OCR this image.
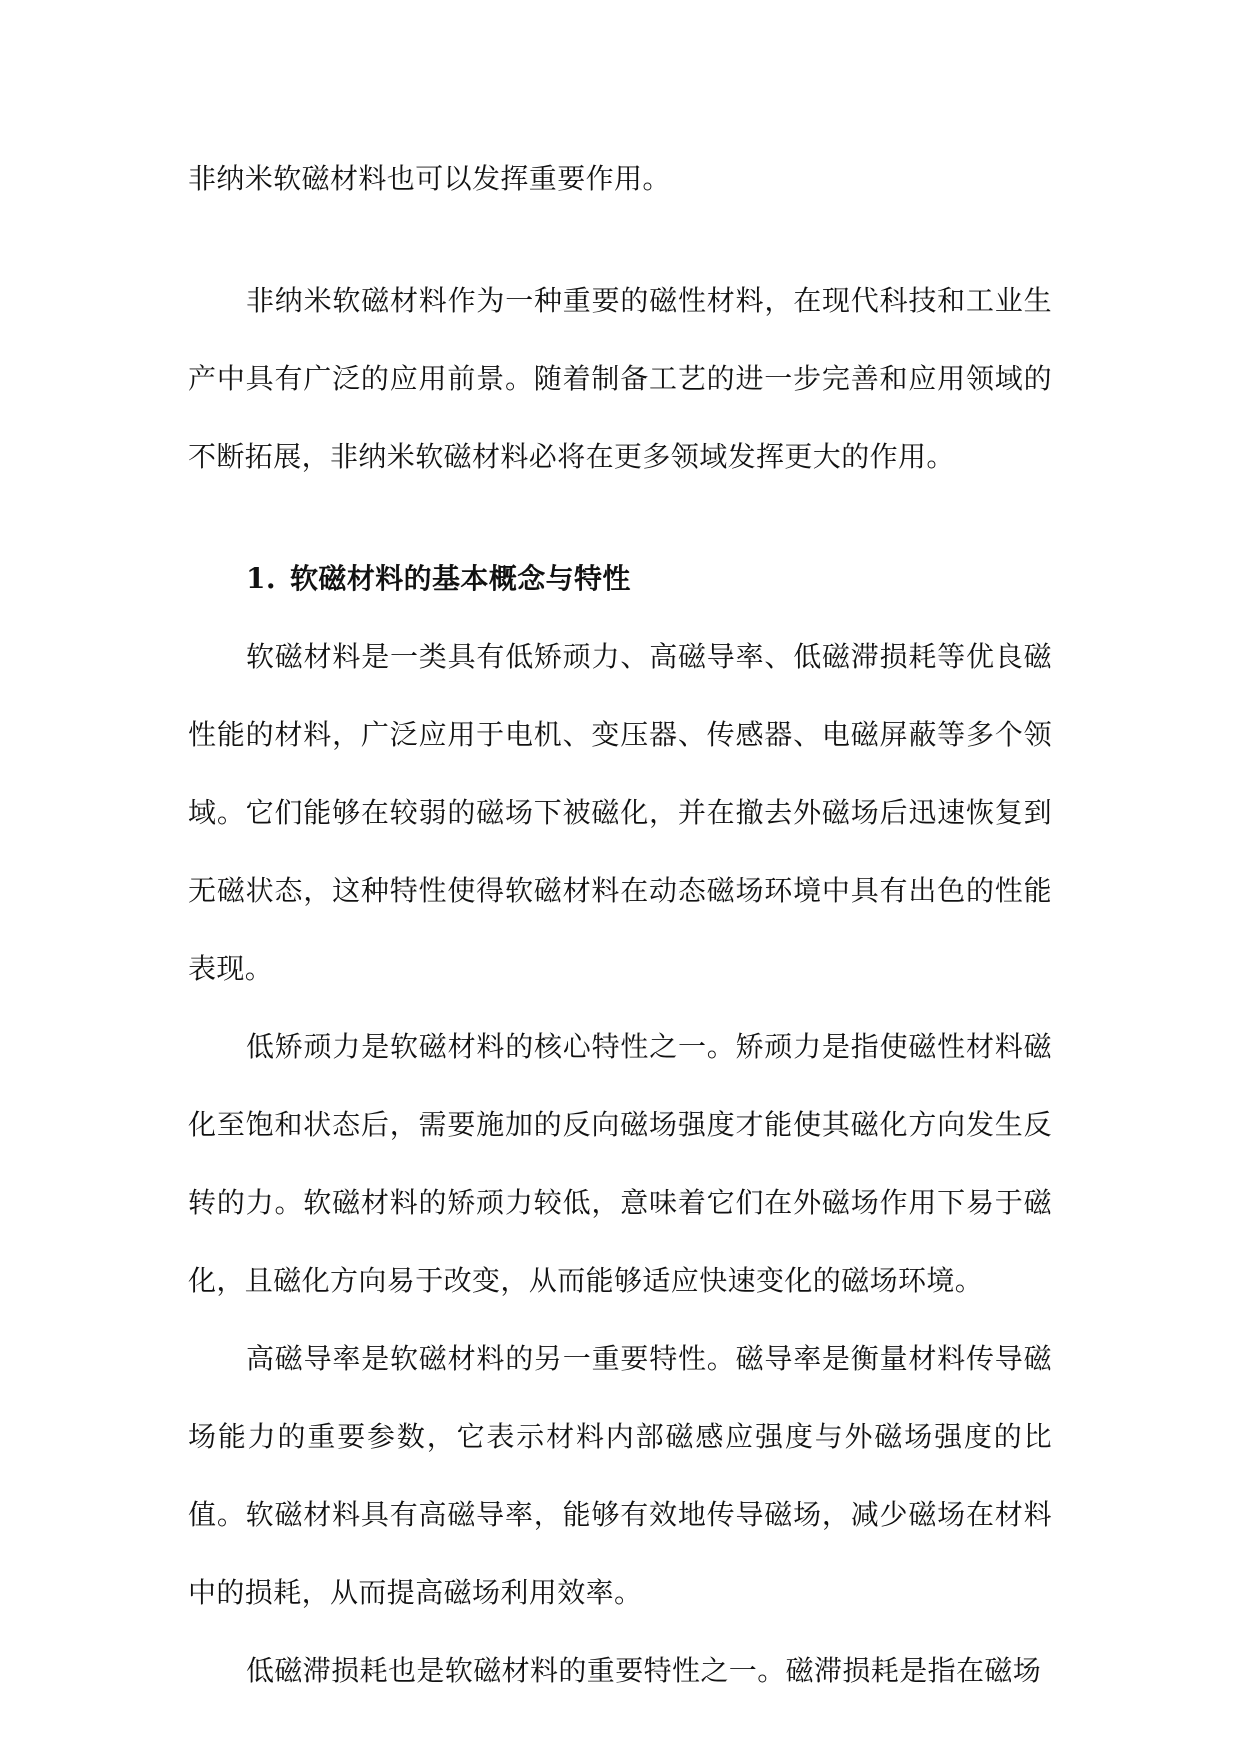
非纳米软磁材料也可以发挥重要作用。

非纳米软磁材料作为一种重要的磁性材料，在现代科技和工业生产中具有广泛的应用前景。随着制备工艺的进一步完善和应用领域的不断拓展，非纳米软磁材料必将在更多领域发挥更大的作用。

1. 软磁材料的基本概念与特性

软磁材料是一类具有低矫顽力、高磁导率、低磁滞损耗等优良磁性能的材料，广泛应用于电机、变压器、传感器、电磁屏蔽等多个领域。它们能够在较弱的磁场下被磁化，并在撤去外磁场后迅速恢复到无磁状态，这种特性使得软磁材料在动态磁场环境中具有出色的性能表现。

低矫顽力是软磁材料的核心特性之一。矫顽力是指使磁性材料磁化至饱和状态后，需要施加的反向磁场强度才能使其磁化方向发生反转的力。软磁材料的矫顽力较低，意味着它们在外磁场作用下易于磁化，且磁化方向易于改变，从而能够适应快速变化的磁场环境。

高磁导率是软磁材料的另一重要特性。磁导率是衡量材料传导磁场能力的重要参数，它表示材料内部磁感应强度与外磁场强度的比值。软磁材料具有高磁导率，能够有效地传导磁场，减少磁场在材料中的损耗，从而提高磁场利用效率。

低磁滞损耗也是软磁材料的重要特性之一。磁滞损耗是指在磁场
